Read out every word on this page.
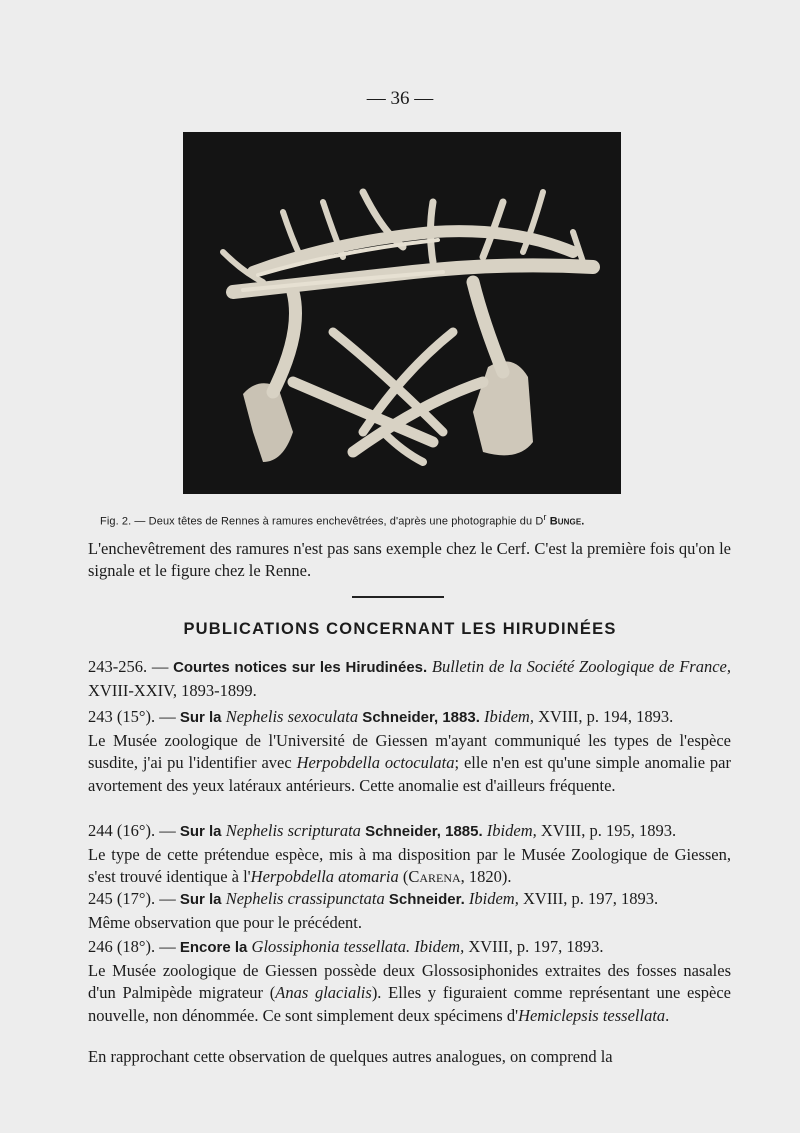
— 36 —
Fig. 2. — Deux têtes de Rennes à ramures enchevêtrées, d'après une photographie du $D^r$ Bunge.
L'enchevêtrement des ramures n'est pas sans exemple chez le Cerf. C'est la première fois qu'on le signale et le figure chez le Renne.
PUBLICATIONS CONCERNANT LES HIRUDINÉES

243-256. — Courtes notices sur les Hirudinées. Bulletin de la Société Zoologique de France, XVIII-XXIV, 1893-1899.

243 (15°). — Sur la Nephelis sexoculata Schneider, 1883. Ibidem, XVIII, p. 194, 1893.

Le Musée zoologique de l'Université de Giessen m'ayant communiqué les types de l'espèce susdite, j'ai pu l'identifier avec Herpobdella octoculata; elle n'en est qu'une simple anomalie par avortement des yeux latéraux antérieurs. Cette anomalie est d'ailleurs fréquente.

244 (16°). — Sur la Nephelis scripturata Schneider, 1885. Ibidem, XVIII, p. 195, 1893.

Le type de cette prétendue espèce, mis à ma disposition par le Musée Zoologique de Giessen, s'est trouvé identique à l'Herpobdella atomaria (Carena, 1820).

245 (17°). — Sur la Nephelis crassipunctata Schneider. Ibidem, XVIII, p. 197, 1893.

Même observation que pour le précédent.

246 (18°). — Encore la Glossiphonia tessellata. Ibidem, XVIII, p. 197, 1893.

Le Musée zoologique de Giessen possède deux Glossosiphonides extraites des fosses nasales d'un Palmipède migrateur (Anas glacialis). Elles y figuraient comme représentant une espèce nouvelle, non dénommée. Ce sont simplement deux spécimens d'Hemiclepsis tessellata.

En rapprochant cette observation de quelques autres analogues, on comprend la
